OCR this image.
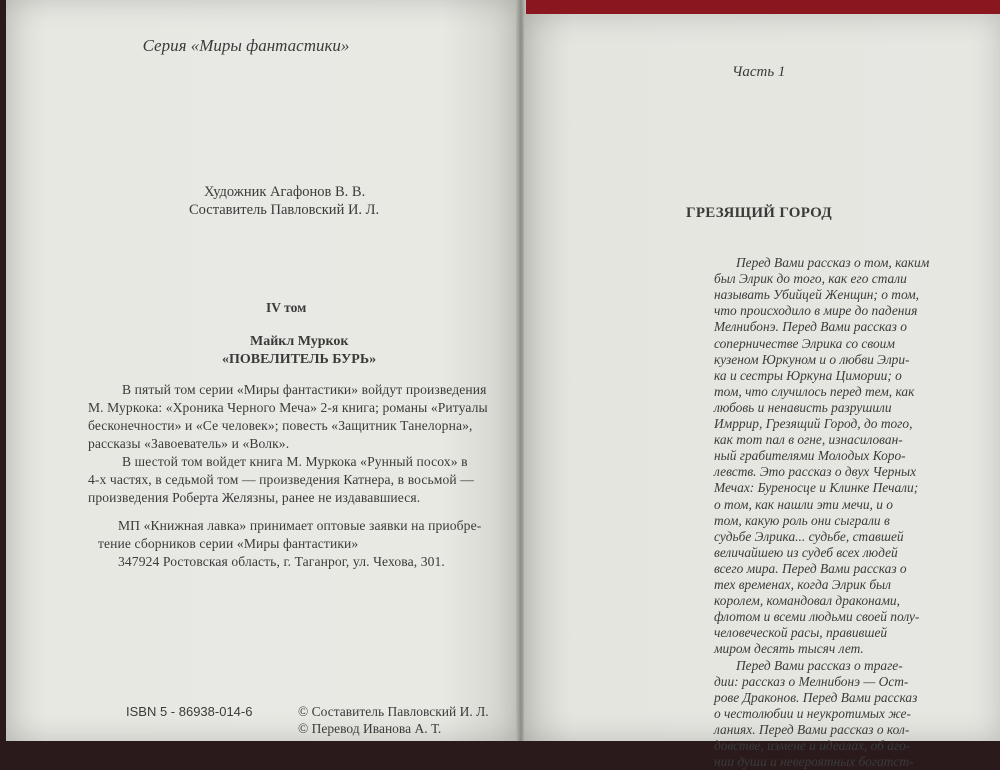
Серия «Миры фантастики»
Художник Агафонов В. В.
Составитель Павловский И. Л.
IV том
Майкл Муркок
«ПОВЕЛИТЕЛЬ БУРЬ»
В пятый том серии «Миры фантастики» войдут произведения
М. Муркока: «Хроника Черного Меча» 2-я книга; романы «Ритуалы
бесконечности» и «Се человек»; повесть «Защитник Танелорна»,
рассказы «Завоеватель» и «Волк».
В шестой том войдет книга М. Муркока «Рунный посох» в
4-х частях, в седьмой том — произведения Катнера, в восьмой —
произведения Роберта Желязны, ранее не издававшиеся.
МП «Книжная лавка» принимает оптовые заявки на приобре-
тение сборников серии «Миры фантастики»
347924 Ростовская область, г. Таганрог, ул. Чехова, 301.
ISBN 5 - 86938-014-6	© Составитель Павловский И. Л.
© Перевод Иванова А. Т.
Часть 1
ГРЕЗЯЩИЙ ГОРОД
Перед Вами рассказ о том, каким
был Элрик до того, как его стали
называть Убийцей Женщин; о том,
что происходило в мире до падения
Мелнибонэ. Перед Вами рассказ о
соперничестве Элрика со своим
кузеном Юркуном и о любви Элри-
ка и сестры Юркуна Цимории; о
том, что случилось перед тем, как
любовь и ненависть разрушили
Имррир, Грезящий Город, до того,
как тот пал в огне, изнасилован-
ный грабителями Молодых Коро-
левств. Это рассказ о двух Черных
Мечах: Буреносце и Клинке Печали;
о том, как нашли эти мечи, и о
том, какую роль они сыграли в
судьбе Элрика... судьбе, ставшей
величайшею из судеб всех людей
всего мира. Перед Вами рассказ о
тех временах, когда Элрик был
королем, командовал драконами,
флотом и всеми людьми своей полу-
человеческой расы, правившей
миром десять тысяч лет.
Перед Вами рассказ о траге-
дии: рассказ о Мелнибонэ — Ост-
рове Драконов. Перед Вами рассказ
о честолюбии и неукротимых же-
ланиях. Перед Вами рассказ о кол-
довстве, измене и идеалах, об аго-
нии души и невероятных богатст-
